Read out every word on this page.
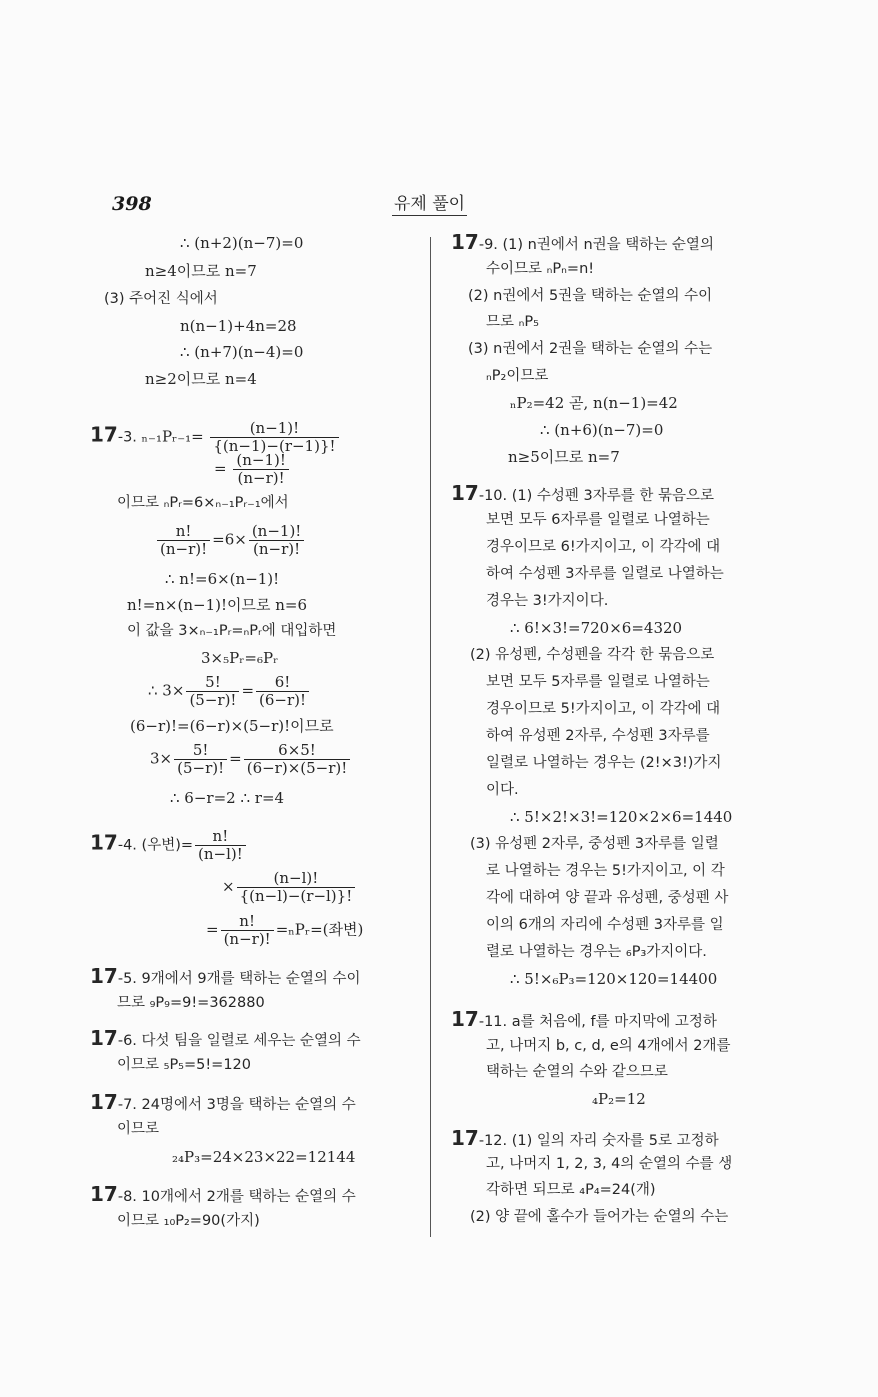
398	유제 풀이
∴ (n+2)(n−7)=0
n≥4이므로 n=7
(3) 주어진 식에서
n(n−1)+4n=28
∴ (n+7)(n−4)=0
n≥2이므로 n=4
17-3. ₙ₋₁Pᵣ₋₁= $\frac{(n-1)!}{\{(n-1)-(r-1)\}!}$
= $\frac{(n-1)!}{(n-r)!}$
이므로 ₙPᵣ=6×ₙ₋₁Pᵣ₋₁에서
$\frac{n!}{(n-r)!} =6\times \frac{(n-1)!}{(n-r)!}$
∴ n!=6×(n−1)!
n!=n×(n−1)!이므로 n=6
이 값을 3×ₙ₋₁Pᵣ=ₙPᵣ에 대입하면
3×₅Pᵣ=₆Pᵣ
∴ $3\times \frac{5!}{(5-r)!} = \frac{6!}{(6-r)!}$
(6−r)!=(6−r)×(5−r)!이므로
$3\times \frac{5!}{(5-r)!} = \frac{6\times 5!}{(6-r)\times(5-r)!}$
∴ 6−r=2 ∴ r=4
17-4. (우변)= $\frac{n!}{(n-l)!}$
× $\frac{(n-l)!}{\{(n-l)-(r-l)\}!}$
= $\frac{n!}{(n-r)!}$ =ₙPᵣ=(좌변)
17-5. 9개에서 9개를 택하는 순열의 수이
므로 ₉P₉=9!=362880
17-6. 다섯 팀을 일렬로 세우는 순열의 수
이므로 ₅P₅=5!=120
17-7. 24명에서 3명을 택하는 순열의 수
이므로
₂₄P₃=24×23×22=12144
17-8. 10개에서 2개를 택하는 순열의 수
이므로 ₁₀P₂=90(가지)
17-9. (1) n권에서 n권을 택하는 순열의
수이므로 ₙPₙ=n!
(2) n권에서 5권을 택하는 순열의 수이
므로 ₙP₅
(3) n권에서 2권을 택하는 순열의 수는
ₙP₂이므로
ₙP₂=42 곧, n(n−1)=42
∴ (n+6)(n−7)=0
n≥5이므로 n=7
17-10. (1) 수성펜 3자루를 한 묶음으로
보면 모두 6자루를 일렬로 나열하는
경우이므로 6!가지이고, 이 각각에 대
하여 수성펜 3자루를 일렬로 나열하는
경우는 3!가지이다.
∴ 6!×3!=720×6=4320
(2) 유성펜, 수성펜을 각각 한 묶음으로
보면 모두 5자루를 일렬로 나열하는
경우이므로 5!가지이고, 이 각각에 대
하여 유성펜 2자루, 수성펜 3자루를
일렬로 나열하는 경우는 (2!×3!)가지
이다.
∴ 5!×2!×3!=120×2×6=1440
(3) 유성펜 2자루, 중성펜 3자루를 일렬
로 나열하는 경우는 5!가지이고, 이 각
각에 대하여 양 끝과 유성펜, 중성펜 사
이의 6개의 자리에 수성펜 3자루를 일
렬로 나열하는 경우는 ₆P₃가지이다.
∴ 5!×₆P₃=120×120=14400
17-11. a를 처음에, f를 마지막에 고정하
고, 나머지 b, c, d, e의 4개에서 2개를
택하는 순열의 수와 같으므로
₄P₂=12
17-12. (1) 일의 자리 숫자를 5로 고정하
고, 나머지 1, 2, 3, 4의 순열의 수를 생
각하면 되므로 ₄P₄=24(개)
(2) 양 끝에 홀수가 들어가는 순열의 수는
